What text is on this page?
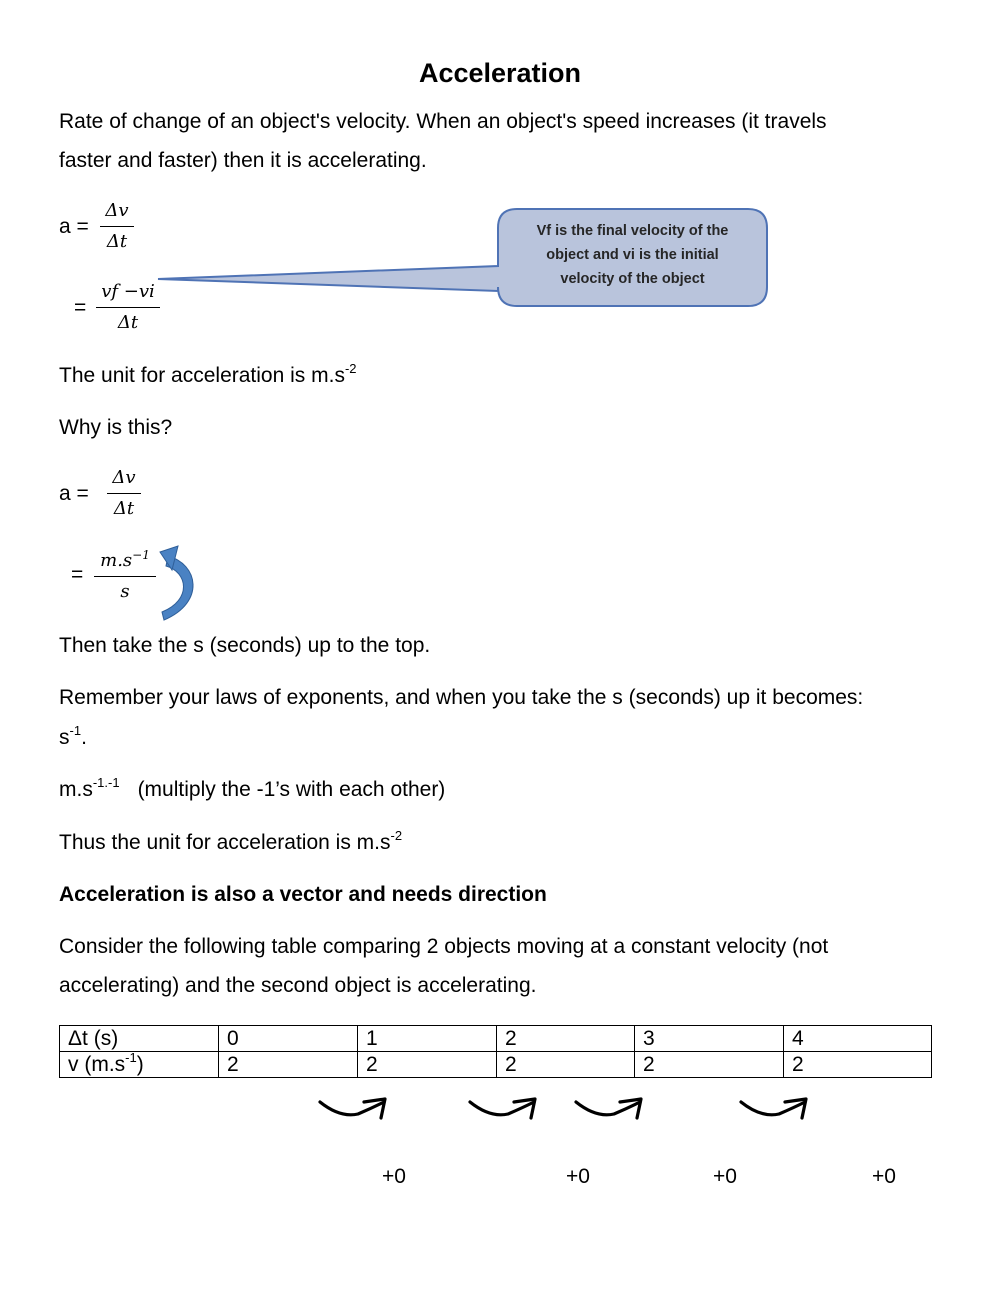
Acceleration
Rate of change of an object's velocity. When an object's speed increases (it travels
faster and faster) then it is accelerating.
a =
Δv
Δt
=
vf −vi
Δt
Vf is the final velocity of the
object and vi is the initial
velocity of the object
The unit for acceleration is $m.s^{-2}$
Why is this?
a =
Δv
Δt
=
$m.s^{-1}$
s
Then take the s (seconds) up to the top.
Remember your laws of exponents, and when you take the s (seconds) up it becomes:
$s^{-1}$.
$m.s^{-1.-1}$ (multiply the -1’s with each other)
Thus the unit for acceleration is $m.s^{-2}$
Acceleration is also a vector and needs direction
Consider the following table comparing 2 objects moving at a constant velocity (not
accelerating) and the second object is accelerating.
Δt (s)	0	1	2	3	4
v $(m.s^{-1})$	2	2	2	2	2
+0	+0	+0	+0
